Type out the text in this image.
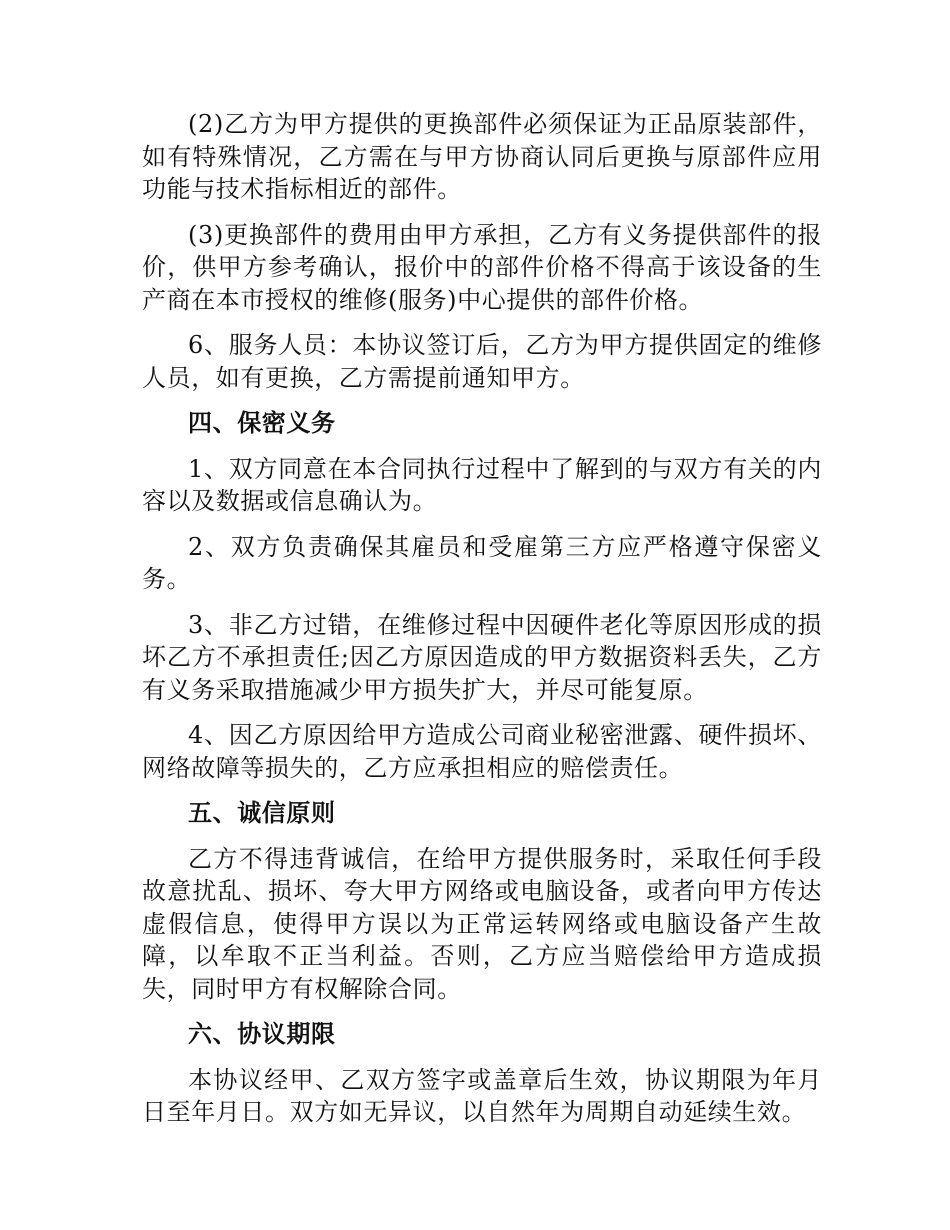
(2)乙方为甲方提供的更换部件必须保证为正品原装部件，如有特殊情况，乙方需在与甲方协商认同后更换与原部件应用功能与技术指标相近的部件。

(3)更换部件的费用由甲方承担，乙方有义务提供部件的报价，供甲方参考确认，报价中的部件价格不得高于该设备的生产商在本市授权的维修(服务)中心提供的部件价格。

6、服务人员：本协议签订后，乙方为甲方提供固定的维修人员，如有更换，乙方需提前通知甲方。

四、保密义务

1、双方同意在本合同执行过程中了解到的与双方有关的内容以及数据或信息确认为。

2、双方负责确保其雇员和受雇第三方应严格遵守保密义务。

3、非乙方过错，在维修过程中因硬件老化等原因形成的损坏乙方不承担责任;因乙方原因造成的甲方数据资料丢失，乙方有义务采取措施减少甲方损失扩大，并尽可能复原。

4、因乙方原因给甲方造成公司商业秘密泄露、硬件损坏、网络故障等损失的，乙方应承担相应的赔偿责任。

五、诚信原则

乙方不得违背诚信，在给甲方提供服务时，采取任何手段故意扰乱、损坏、夸大甲方网络或电脑设备，或者向甲方传达虚假信息，使得甲方误以为正常运转网络或电脑设备产生故障，以牟取不正当利益。否则，乙方应当赔偿给甲方造成损失，同时甲方有权解除合同。

六、协议期限

本协议经甲、乙双方签字或盖章后生效，协议期限为年月日至年月日。双方如无异议，以自然年为周期自动延续生效。
